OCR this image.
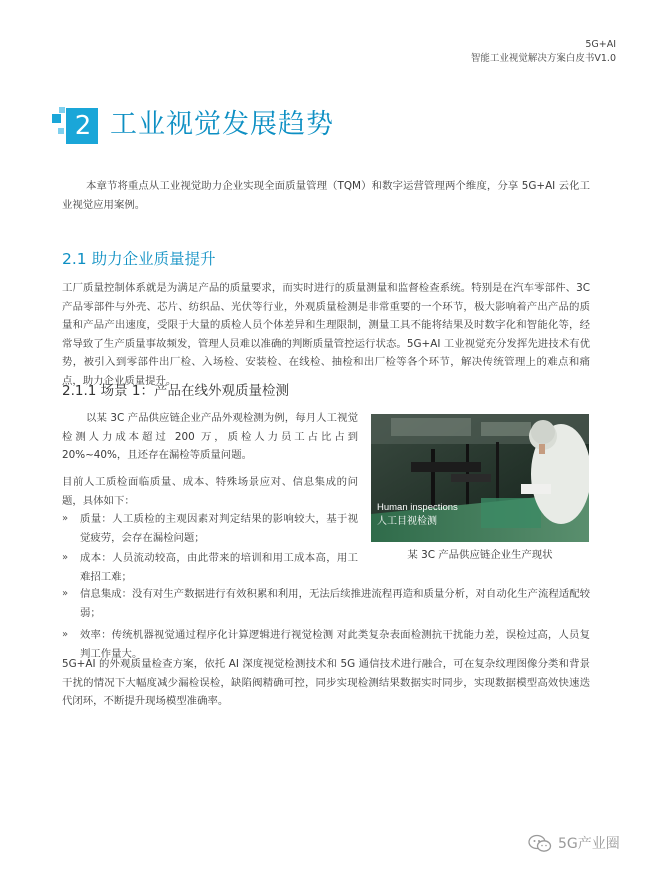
5G+AI
智能工业视觉解决方案白皮书V1.0
2 工业视觉发展趋势
本章节将重点从工业视觉助力企业实现全面质量管理（TQM）和数字运营管理两个维度，分享 5G+AI 云化工业视觉应用案例。
2.1 助力企业质量提升
工厂质量控制体系就是为满足产品的质量要求，而实时进行的质量测量和监督检查系统。特别是在汽车零部件、3C 产品零部件与外壳、芯片、纺织品、光伏等行业，外观质量检测是非常重要的一个环节，极大影响着产出产品的质量和产品产出速度，受限于大量的质检人员个体差异和生理限制，测量工具不能将结果及时数字化和智能化等，经常导致了生产质量事故频发，管理人员难以准确的判断质量管控运行状态。5G+AI 工业视觉充分发挥先进技术有优势，被引入到零部件出厂检、入场检、安装检、在线检、抽检和出厂检等各个环节，解决传统管理上的难点和痛点，助力企业质量提升。
2.1.1 场景 1：产品在线外观质量检测
以某 3C 产品供应链企业产品外观检测为例，每月人工视觉检测人力成本超过 200 万，质检人力员工占比占到 20%~40%，且还存在漏检等质量问题。
目前人工质检面临质量、成本、特殊场景应对、信息集成的问题，具体如下：
Human inspections
人工目视检测
某 3C 产品供应链企业生产现状
» 质量：人工质检的主观因素对判定结果的影响较大，基于视觉疲劳，会存在漏检问题；
» 成本：人员流动较高，由此带来的培训和用工成本高，用工难招工难；
» 信息集成：没有对生产数据进行有效积累和利用，无法后续推进流程再造和质量分析，对自动化生产流程适配较弱；
» 效率：传统机器视觉通过程序化计算逻辑进行视觉检测 对此类复杂表面检测抗干扰能力差，误检过高，人员复判工作量大。
5G+AI 的外观质量检查方案，依托 AI 深度视觉检测技术和 5G 通信技术进行融合，可在复杂纹理图像分类和背景干扰的情况下大幅度减少漏检误检，缺陷阀精确可控，同步实现检测结果数据实时同步，实现数据模型高效快速迭代闭环，不断提升现场模型准确率。
5G产业圈
